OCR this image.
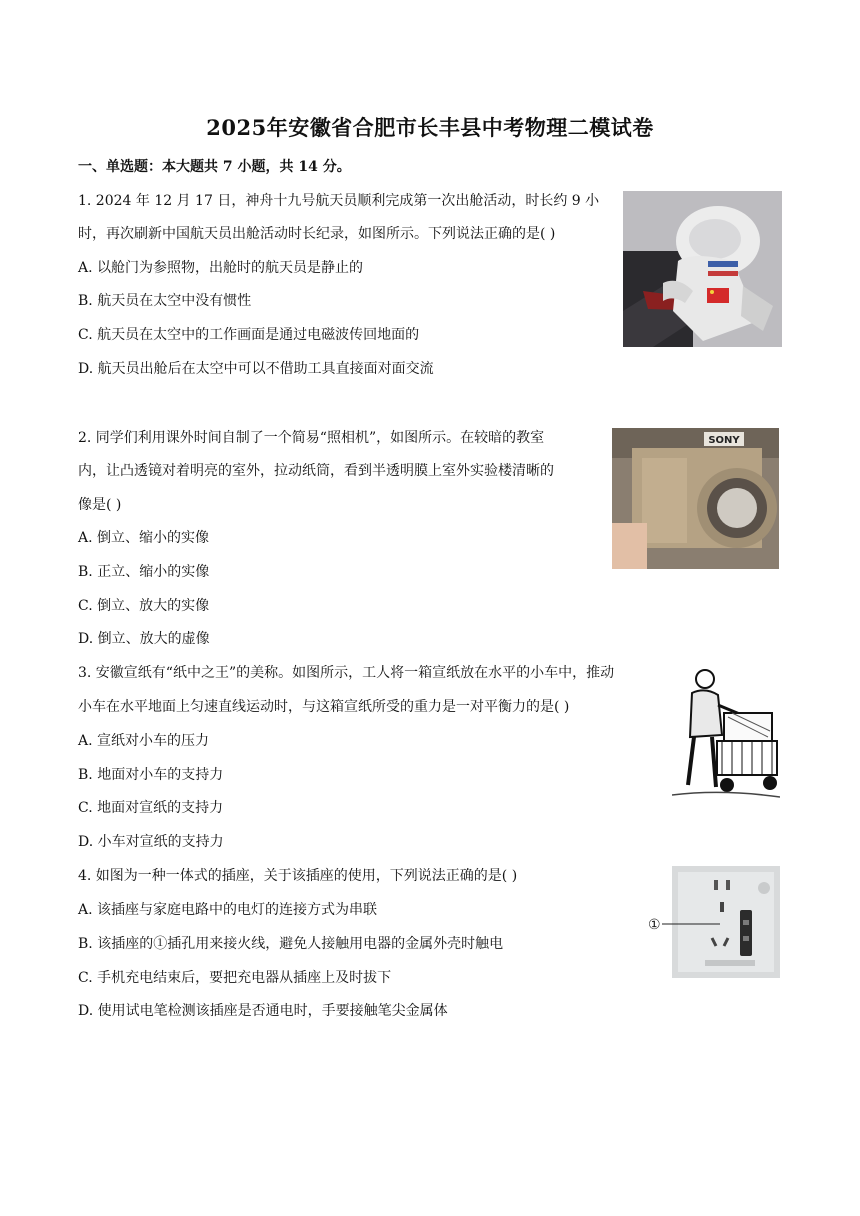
2025年安徽省合肥市长丰县中考物理二模试卷
一、单选题：本大题共 7 小题，共 14 分。
1. 2024 年 12 月 17 日，神舟十九号航天员顺利完成第一次出舱活动，时长约 9 小
时，再次刷新中国航天员出舱活动时长纪录，如图所示。下列说法正确的是( )
A. 以舱门为参照物，出舱时的航天员是静止的
B. 航天员在太空中没有惯性
C. 航天员在太空中的工作画面是通过电磁波传回地面的
D. 航天员出舱后在太空中可以不借助工具直接面对面交流
2. 同学们利用课外时间自制了一个简易“照相机”，如图所示。在较暗的教室
内，让凸透镜对着明亮的室外，拉动纸筒，看到半透明膜上室外实验楼清晰的
像是( )
A. 倒立、缩小的实像
B. 正立、缩小的实像
C. 倒立、放大的实像
D. 倒立、放大的虚像
3. 安徽宣纸有“纸中之王”的美称。如图所示，工人将一箱宣纸放在水平的小车中，推动
小车在水平地面上匀速直线运动时，与这箱宣纸所受的重力是一对平衡力的是( )
A. 宣纸对小车的压力
B. 地面对小车的支持力
C. 地面对宣纸的支持力
D. 小车对宣纸的支持力
4. 如图为一种一体式的插座，关于该插座的使用，下列说法正确的是( )
A. 该插座与家庭电路中的电灯的连接方式为串联
B. 该插座的①插孔用来接火线，避免人接触用电器的金属外壳时触电
C. 手机充电结束后，要把充电器从插座上及时拔下
D. 使用试电笔检测该插座是否通电时，手要接触笔尖金属体
SONY
①
